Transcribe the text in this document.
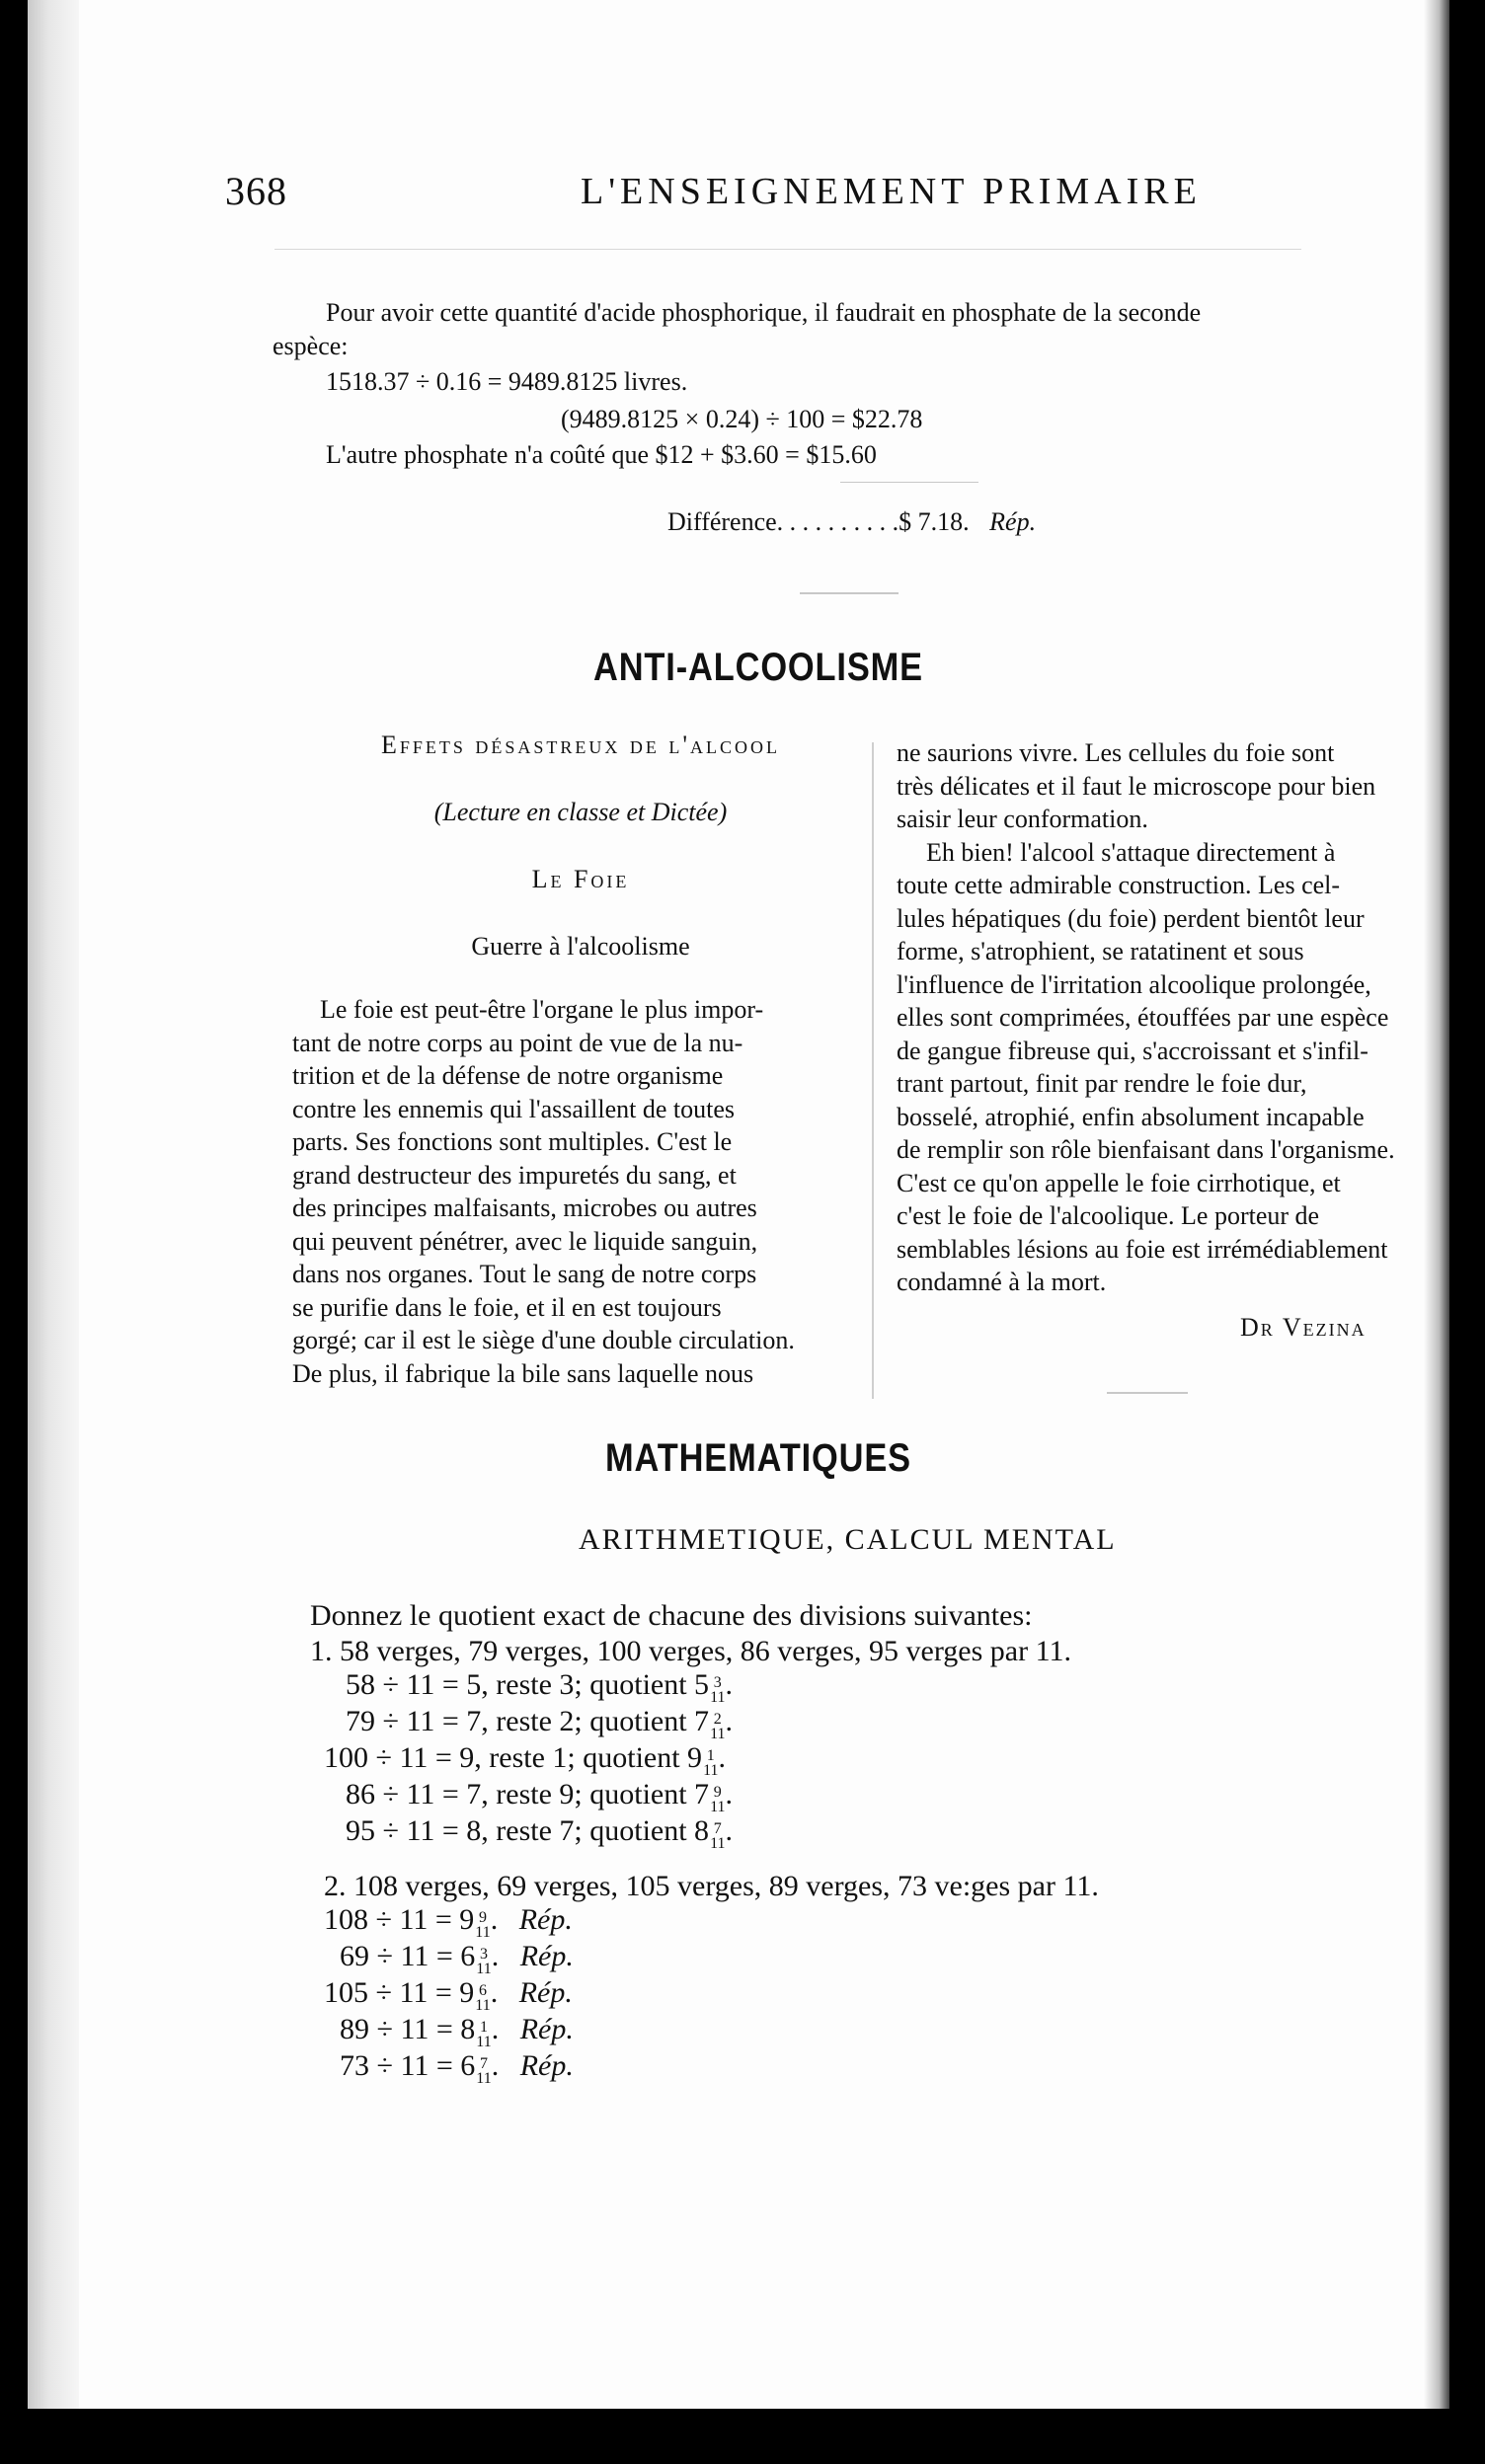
368	L'ENSEIGNEMENT PRIMAIRE
Pour avoir cette quantité d'acide phosphorique, il faudrait en phosphate de la seconde
espèce:
1518.37 ÷ 0.16 = 9489.8125 livres.
(9489.8125 × 0.24) ÷ 100 = $22.78
L'autre phosphate n'a coûté que $12 + $3.60 = $15.60
Différence. . . . . . . . . .$ 7.18. Rép.
ANTI-ALCOOLISME
Effets désastreux de l'alcool
(Lecture en classe et Dictée)
Le Foie
Guerre à l'alcoolisme
Le foie est peut-être l'organe le plus impor-
tant de notre corps au point de vue de la nu-
trition et de la défense de notre organisme
contre les ennemis qui l'assaillent de toutes
parts. Ses fonctions sont multiples. C'est le
grand destructeur des impuretés du sang, et
des principes malfaisants, microbes ou autres
qui peuvent pénétrer, avec le liquide sanguin,
dans nos organes. Tout le sang de notre corps
se purifie dans le foie, et il en est toujours
gorgé; car il est le siège d'une double circulation.
De plus, il fabrique la bile sans laquelle nous
ne saurions vivre. Les cellules du foie sont
très délicates et il faut le microscope pour bien
saisir leur conformation.
Eh bien! l'alcool s'attaque directement à
toute cette admirable construction. Les cel-
lules hépatiques (du foie) perdent bientôt leur
forme, s'atrophient, se ratatinent et sous
l'influence de l'irritation alcoolique prolongée,
elles sont comprimées, étouffées par une espèce
de gangue fibreuse qui, s'accroissant et s'infil-
trant partout, finit par rendre le foie dur,
bosselé, atrophié, enfin absolument incapable
de remplir son rôle bienfaisant dans l'organisme.
C'est ce qu'on appelle le foie cirrhotique, et
c'est le foie de l'alcoolique. Le porteur de
semblables lésions au foie est irrémédiablement
condamné à la mort.
Dr Vezina
MATHEMATIQUES
ARITHMETIQUE, CALCUL MENTAL
Donnez le quotient exact de chacune des divisions suivantes:
1. 58 verges, 79 verges, 100 verges, 86 verges, 95 verges par 11.
58 ÷ 11 = 5, reste 3; quotient 5 3
11 .
79 ÷ 11 = 7, reste 2; quotient 7 2
11 .
100 ÷ 11 = 9, reste 1; quotient 9 1
11 .
86 ÷ 11 = 7, reste 9; quotient 7 9
11 .
95 ÷ 11 = 8, reste 7; quotient 8 7
11 .
2. 108 verges, 69 verges, 105 verges, 89 verges, 73 ve:ges par 11.
108 ÷ 11 = 9 9
11 . Rép.
69 ÷ 11 = 6 3
11 . Rép.
105 ÷ 11 = 9 6
11 . Rép.
89 ÷ 11 = 8 1
11 . Rép.
73 ÷ 11 = 6 7
11 . Rép.
